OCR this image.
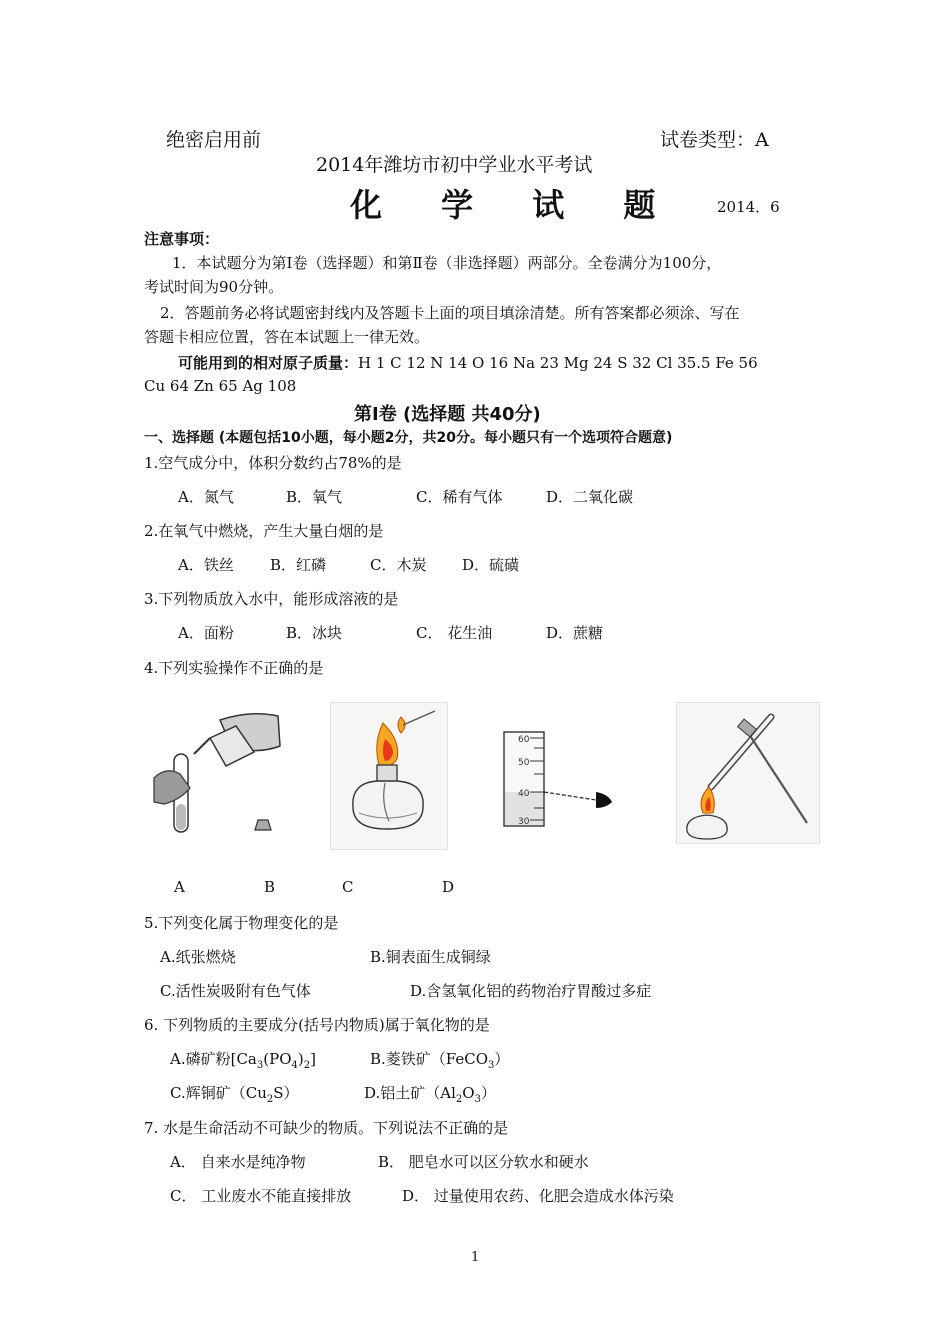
绝密启用前	试卷类型：A
2014年潍坊市初中学业水平考试
化 学 试 题	2014．6
注意事项：
1．本试题分为第Ⅰ卷（选择题）和第Ⅱ卷（非选择题）两部分。全卷满分为100分，
考试时间为90分钟。
2．答题前务必将试题密封线内及答题卡上面的项目填涂清楚。所有答案都必须涂、写在
答题卡相应位置，答在本试题上一律无效。
可能用到的相对原子质量：H 1 C 12 N 14 O 16 Na 23 Mg 24 S 32 Cl 35.5 Fe 56
Cu 64 Zn 65 Ag 108
第Ⅰ卷 (选择题 共40分)
一、选择题 (本题包括10小题，每小题2分，共20分。每小题只有一个选项符合题意)
1.空气成分中，体积分数约占78%的是
A．氮气	B．氧气	C．稀有气体	D．二氧化碳
2.在氧气中燃烧，产生大量白烟的是
A．铁丝 B．红磷	C．木炭 D．硫磺
3.下列物质放入水中，能形成溶液的是
A．面粉	B．冰块	C． 花生油	D．蔗糖
4.下列实验操作不正确的是
60
50
40
30
A	B	C	D
5.下列变化属于物理变化的是
A.纸张燃烧	B.铜表面生成铜绿
C.活性炭吸附有色气体	D.含氢氧化铝的药物治疗胃酸过多症
6. 下列物质的主要成分(括号内物质)属于氧化物的是
A.磷矿粉$[Ca_3(PO_4)_2]$	B.菱铁矿（FeCO$_3$）
C.辉铜矿$(Cu_2S)$	D.铝土矿$(Al_2O_3)$
7. 水是生命活动不可缺少的物质。下列说法不正确的是
A． 自来水是纯净物	B． 肥皂水可以区分软水和硬水
C． 工业废水不能直接排放	D． 过量使用农药、化肥会造成水体污染
1
